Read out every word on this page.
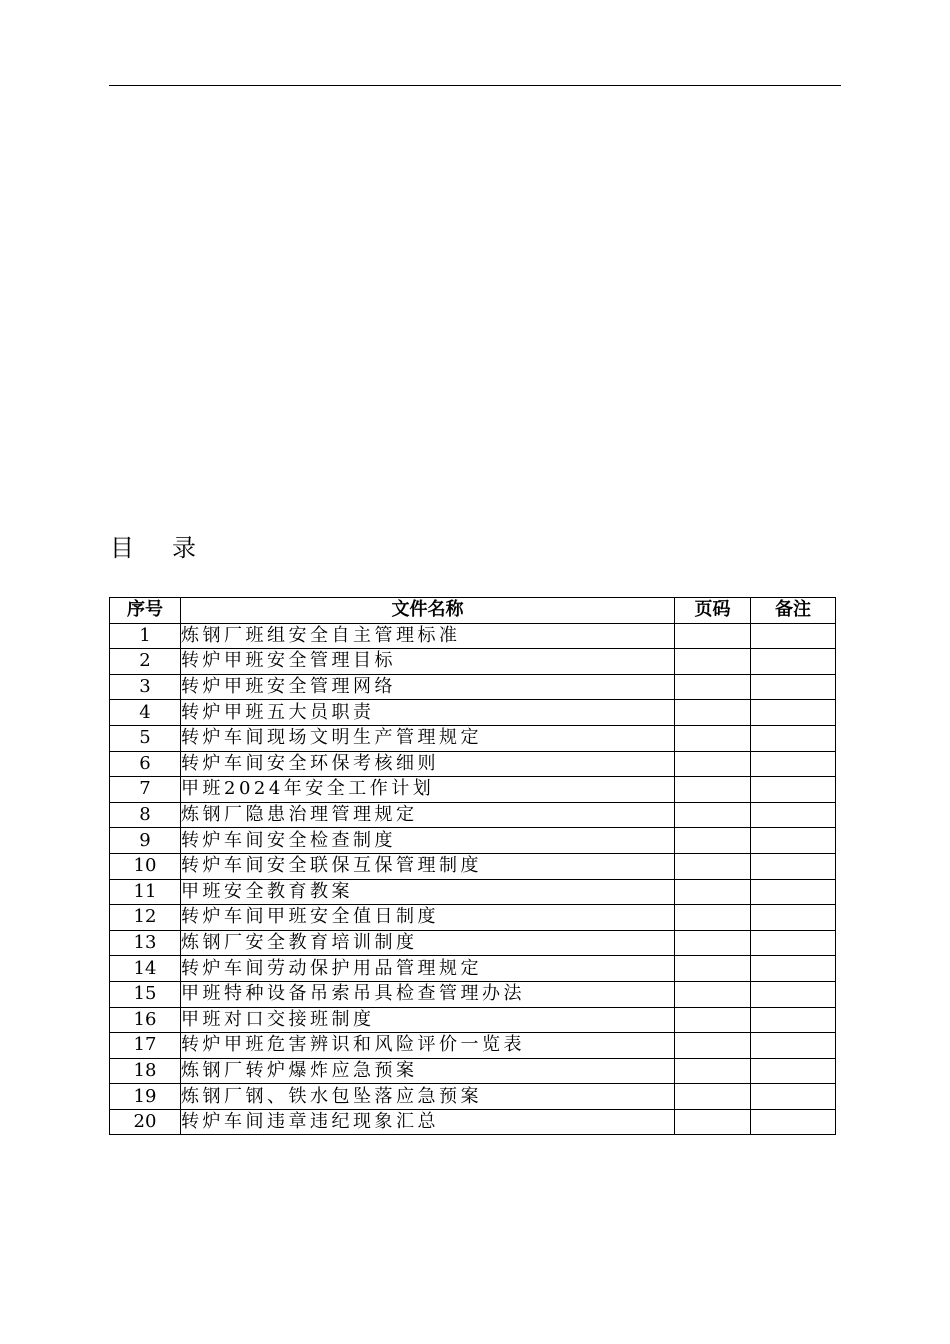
目录
序号	文件名称	页码	备注
1	炼钢厂班组安全自主管理标准		
2	转炉甲班安全管理目标		
3	转炉甲班安全管理网络		
4	转炉甲班五大员职责		
5	转炉车间现场文明生产管理规定		
6	转炉车间安全环保考核细则		
7	甲班2024年安全工作计划		
8	炼钢厂隐患治理管理规定		
9	转炉车间安全检查制度		
10	转炉车间安全联保互保管理制度		
11	甲班安全教育教案		
12	转炉车间甲班安全值日制度		
13	炼钢厂安全教育培训制度		
14	转炉车间劳动保护用品管理规定		
15	甲班特种设备吊索吊具检查管理办法		
16	甲班对口交接班制度		
17	转炉甲班危害辨识和风险评价一览表		
18	炼钢厂转炉爆炸应急预案		
19	炼钢厂钢、铁水包坠落应急预案		
20	转炉车间违章违纪现象汇总		
